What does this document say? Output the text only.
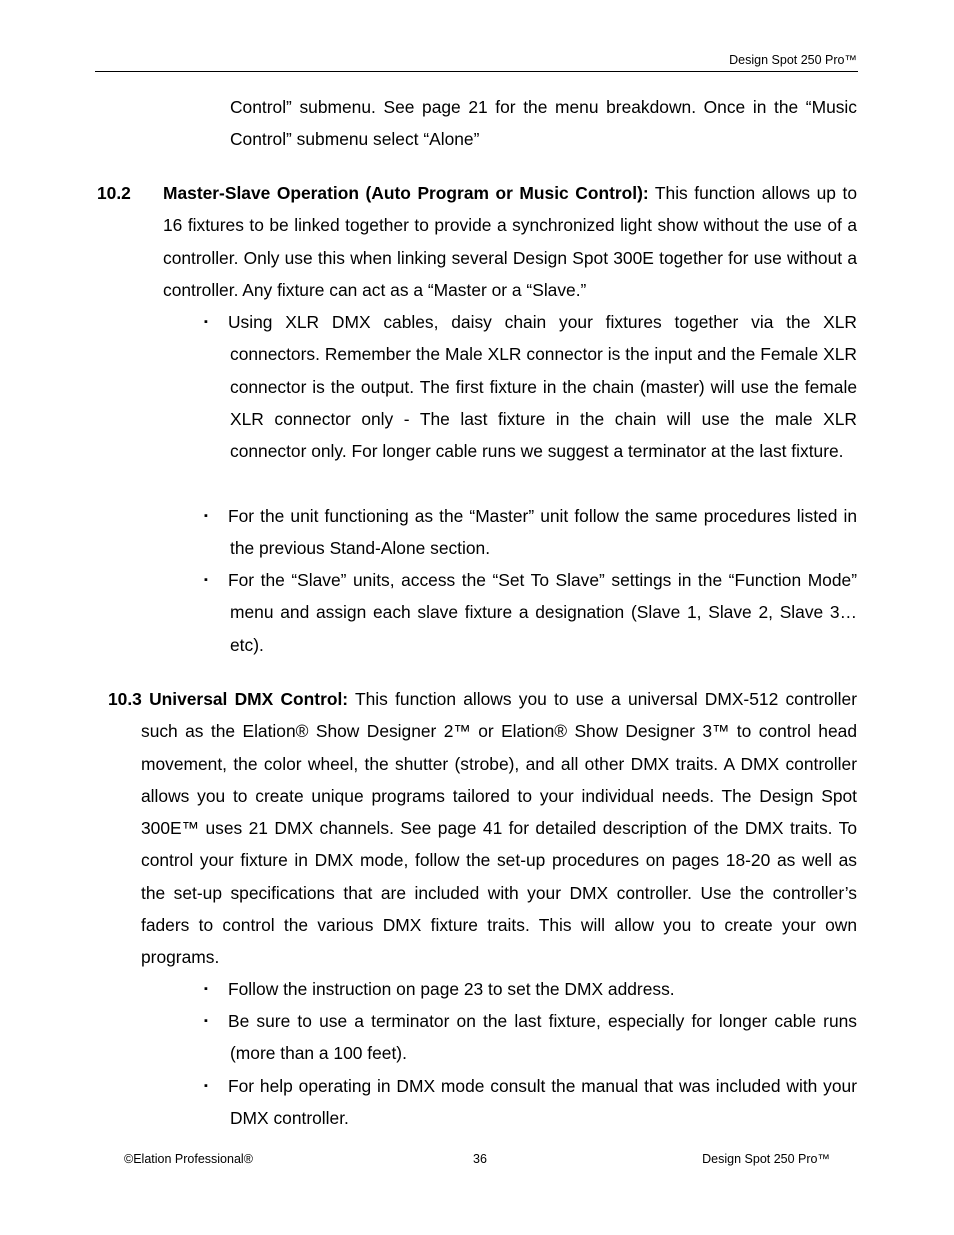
Design Spot 250 Pro™

Control” submenu. See page 21 for the menu breakdown. Once in the “Music Control” submenu select “Alone”

10.2 Master-Slave Operation (Auto Program or Music Control): This function allows up to 16 fixtures to be linked together to provide a synchronized light show without the use of a controller. Only use this when linking several Design Spot 300E together for use without a controller. Any fixture can act as a “Master or a “Slave.”

▪ Using XLR DMX cables, daisy chain your fixtures together via the XLR connectors. Remember the Male XLR connector is the input and the Female XLR connector is the output. The first fixture in the chain (master) will use the female XLR connector only - The last fixture in the chain will use the male XLR connector only. For longer cable runs we suggest a terminator at the last fixture.

▪ For the unit functioning as the “Master” unit follow the same procedures listed in the previous Stand-Alone section.

▪ For the “Slave” units, access the “Set To Slave” settings in the “Function Mode” menu and assign each slave fixture a designation (Slave 1, Slave 2, Slave 3…etc).

10.3 Universal DMX Control: This function allows you to use a universal DMX-512 controller such as the Elation® Show Designer 2™ or Elation® Show Designer 3™ to control head movement, the color wheel, the shutter (strobe), and all other DMX traits. A DMX controller allows you to create unique programs tailored to your individual needs. The Design Spot 300E™ uses 21 DMX channels. See page 41 for detailed description of the DMX traits. To control your fixture in DMX mode, follow the set-up procedures on pages 18-20 as well as the set-up specifications that are included with your DMX controller. Use the controller’s faders to control the various DMX fixture traits. This will allow you to create your own programs.

▪ Follow the instruction on page 23 to set the DMX address.

▪ Be sure to use a terminator on the last fixture, especially for longer cable runs (more than a 100 feet).

▪ For help operating in DMX mode consult the manual that was included with your DMX controller.

©Elation Professional®	36	Design Spot 250 Pro™
